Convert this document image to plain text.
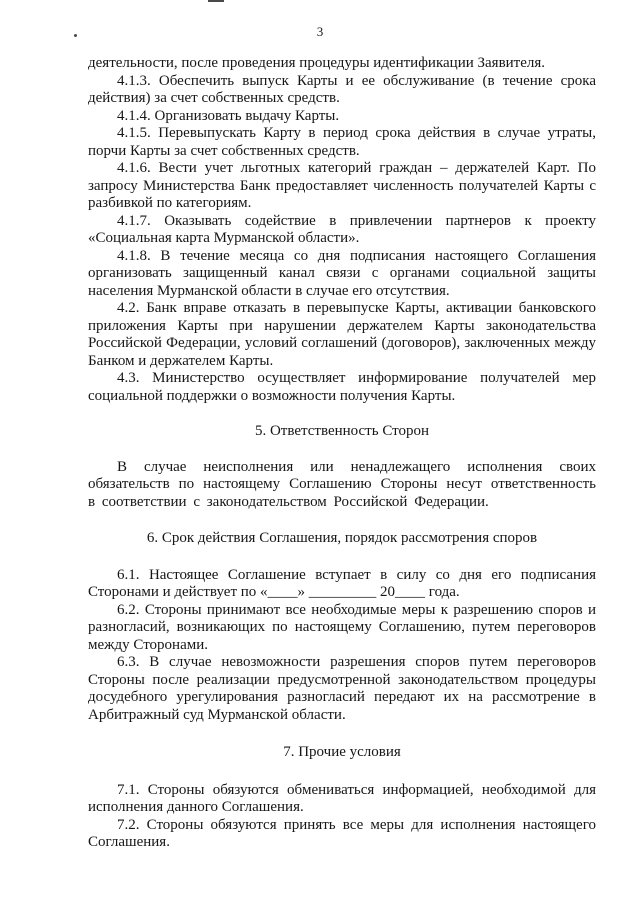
3

деятельности, после проведения процедуры идентификации Заявителя.

4.1.3. Обеспечить выпуск Карты и ее обслуживание (в течение срока действия) за счет собственных средств.

4.1.4. Организовать выдачу Карты.

4.1.5. Перевыпускать Карту в период срока действия в случае утраты, порчи Карты за счет собственных средств.

4.1.6. Вести учет льготных категорий граждан – держателей Карт. По запросу Министерства Банк предоставляет численность получателей Карты с разбивкой по категориям.

4.1.7. Оказывать содействие в привлечении партнеров к проекту «Социальная карта Мурманской области».

4.1.8. В течение месяца со дня подписания настоящего Соглашения организовать защищенный канал связи с органами социальной защиты населения Мурманской области в случае его отсутствия.

4.2. Банк вправе отказать в перевыпуске Карты, активации банковского приложения Карты при нарушении держателем Карты законодательства Российской Федерации, условий соглашений (договоров), заключенных между Банком и держателем Карты.

4.3. Министерство осуществляет информирование получателей мер социальной поддержки о возможности получения Карты.

5. Ответственность Сторон

В случае неисполнения или ненадлежащего исполнения своих обязательств по настоящему Соглашению Стороны несут ответственность в соответствии с законодательством Российской Федерации.

6. Срок действия Соглашения, порядок рассмотрения споров

6.1. Настоящее Соглашение вступает в силу со дня его подписания Сторонами и действует по «____» _________ 20____ года.

6.2. Стороны принимают все необходимые меры к разрешению споров и разногласий, возникающих по настоящему Соглашению, путем переговоров между Сторонами.

6.3. В случае невозможности разрешения споров путем переговоров Стороны после реализации предусмотренной законодательством процедуры досудебного урегулирования разногласий передают их на рассмотрение в Арбитражный суд Мурманской области.

7. Прочие условия

7.1. Стороны обязуются обмениваться информацией, необходимой для исполнения данного Соглашения.

7.2. Стороны обязуются принять все меры для исполнения настоящего Соглашения.
